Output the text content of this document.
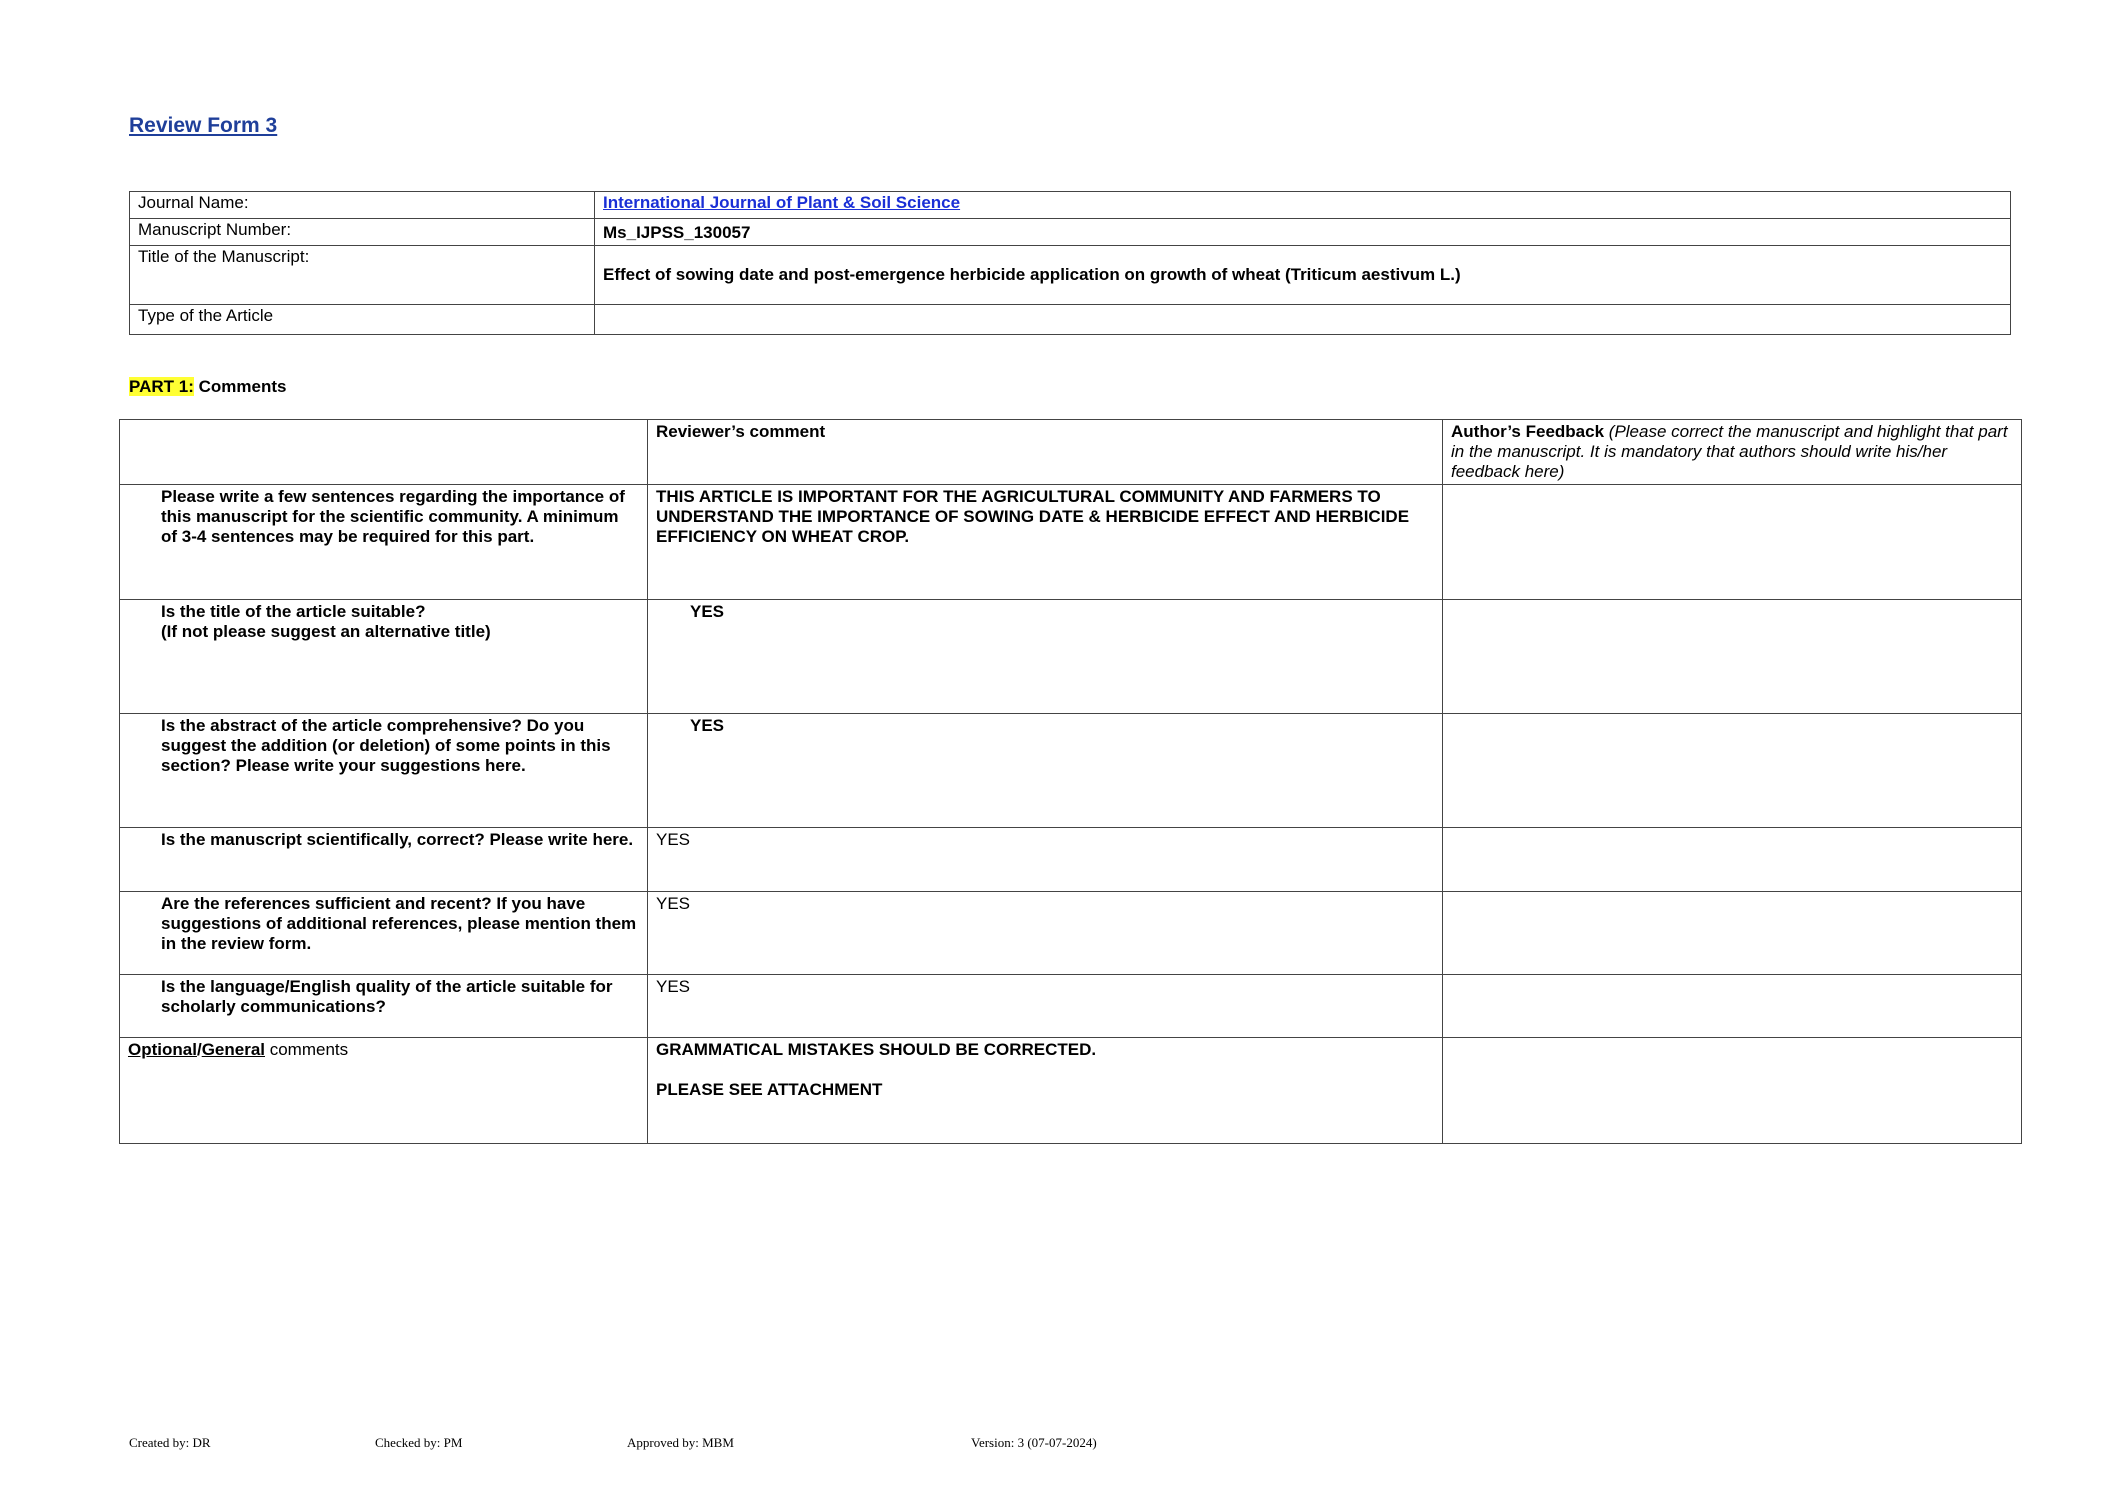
Review Form 3
Journal Name:	International Journal of Plant & Soil Science
Manuscript Number:	Ms_IJPSS_130057
Title of the Manuscript:	Effect of sowing date and post-emergence herbicide application on growth of wheat (Triticum aestivum L.)
Type of the Article	
PART 1: Comments
	Reviewer’s comment	Author’s Feedback (Please correct the manuscript and highlight that part in the manuscript. It is mandatory that authors should write his/her feedback here)
Please write a few sentences regarding the importance of this manuscript for the scientific community. A minimum of 3-4 sentences may be required for this part.	THIS ARTICLE IS IMPORTANT FOR THE AGRICULTURAL COMMUNITY AND FARMERS TO UNDERSTAND THE IMPORTANCE OF SOWING DATE & HERBICIDE EFFECT AND HERBICIDE EFFICIENCY ON WHEAT CROP.	
Is the title of the article suitable?
(If not please suggest an alternative title)	YES	
Is the abstract of the article comprehensive? Do you suggest the addition (or deletion) of some points in this section? Please write your suggestions here.	YES	
Is the manuscript scientifically, correct? Please write here.	YES	
Are the references sufficient and recent? If you have suggestions of additional references, please mention them in the review form.	YES	
Is the language/English quality of the article suitable for scholarly communications?	YES	
Optional/General comments	GRAMMATICAL MISTAKES SHOULD BE CORRECTED.
PLEASE SEE ATTACHMENT	
Created by: DR	Checked by: PM	Approved by: MBM	Version: 3 (07-07-2024)
